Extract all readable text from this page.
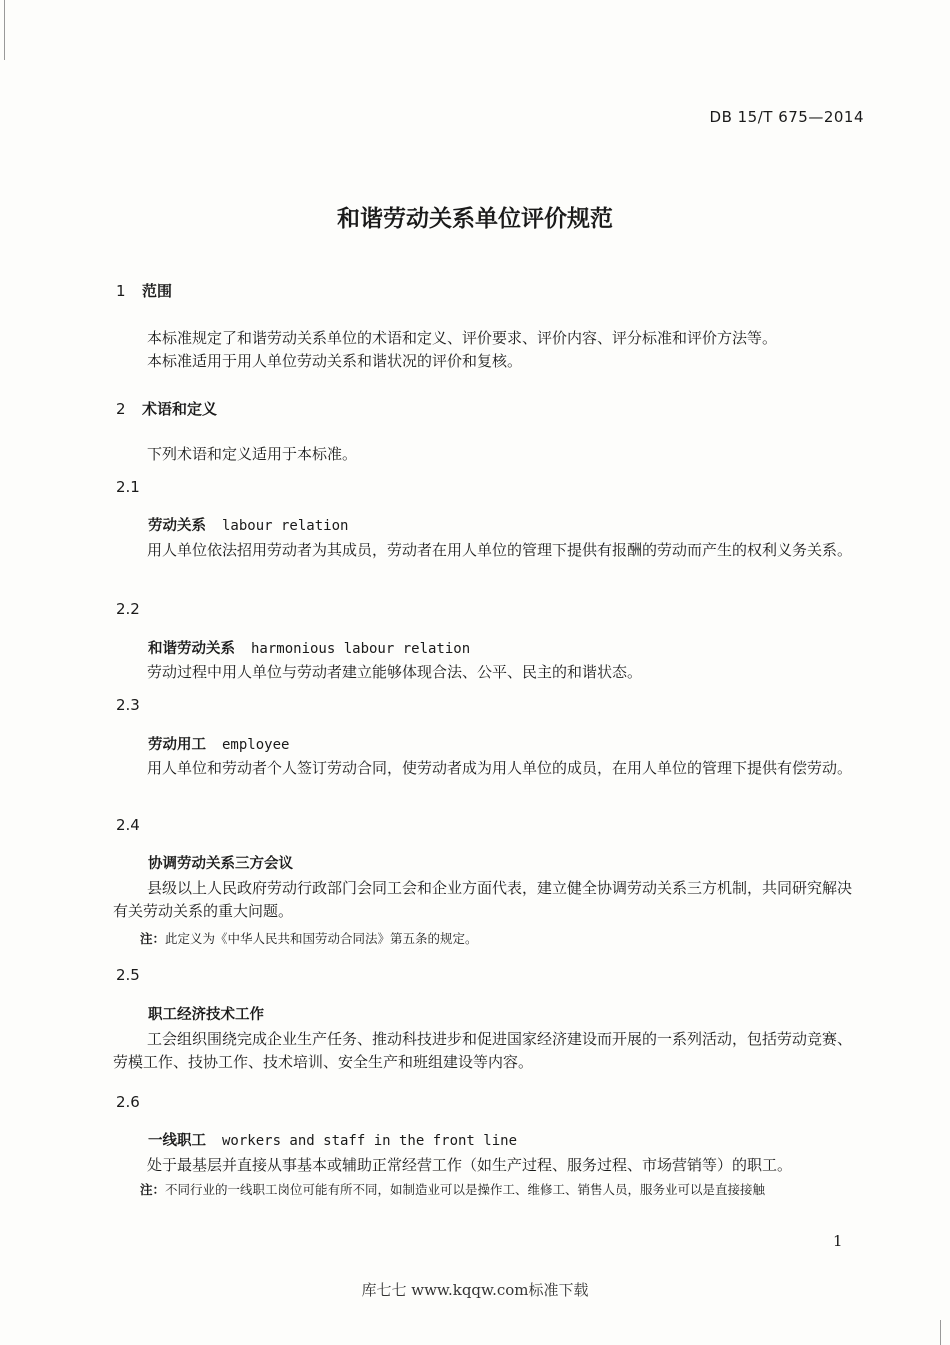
DB 15/T 675—2014
和谐劳动关系单位评价规范
1 范围
本标准规定了和谐劳动关系单位的术语和定义、评价要求、评价内容、评分标准和评价方法等。
本标准适用于用人单位劳动关系和谐状况的评价和复核。
2 术语和定义
下列术语和定义适用于本标准。
2.1
劳动关系 labour relation
用人单位依法招用劳动者为其成员，劳动者在用人单位的管理下提供有报酬的劳动而产生的权利义务关系。
2.2
和谐劳动关系 harmonious labour relation
劳动过程中用人单位与劳动者建立能够体现合法、公平、民主的和谐状态。
2.3
劳动用工 employee
用人单位和劳动者个人签订劳动合同，使劳动者成为用人单位的成员，在用人单位的管理下提供有偿劳动。
2.4
协调劳动关系三方会议
县级以上人民政府劳动行政部门会同工会和企业方面代表，建立健全协调劳动关系三方机制，共同研究解决有关劳动关系的重大问题。
注：此定义为《中华人民共和国劳动合同法》第五条的规定。
2.5
职工经济技术工作
工会组织围绕完成企业生产任务、推动科技进步和促进国家经济建设而开展的一系列活动，包括劳动竞赛、劳模工作、技协工作、技术培训、安全生产和班组建设等内容。
2.6
一线职工 workers and staff in the front line
处于最基层并直接从事基本或辅助正常经营工作（如生产过程、服务过程、市场营销等）的职工。
注：不同行业的一线职工岗位可能有所不同，如制造业可以是操作工、维修工、销售人员，服务业可以是直接接触
1
库七七 www.kqqw.com标准下载
